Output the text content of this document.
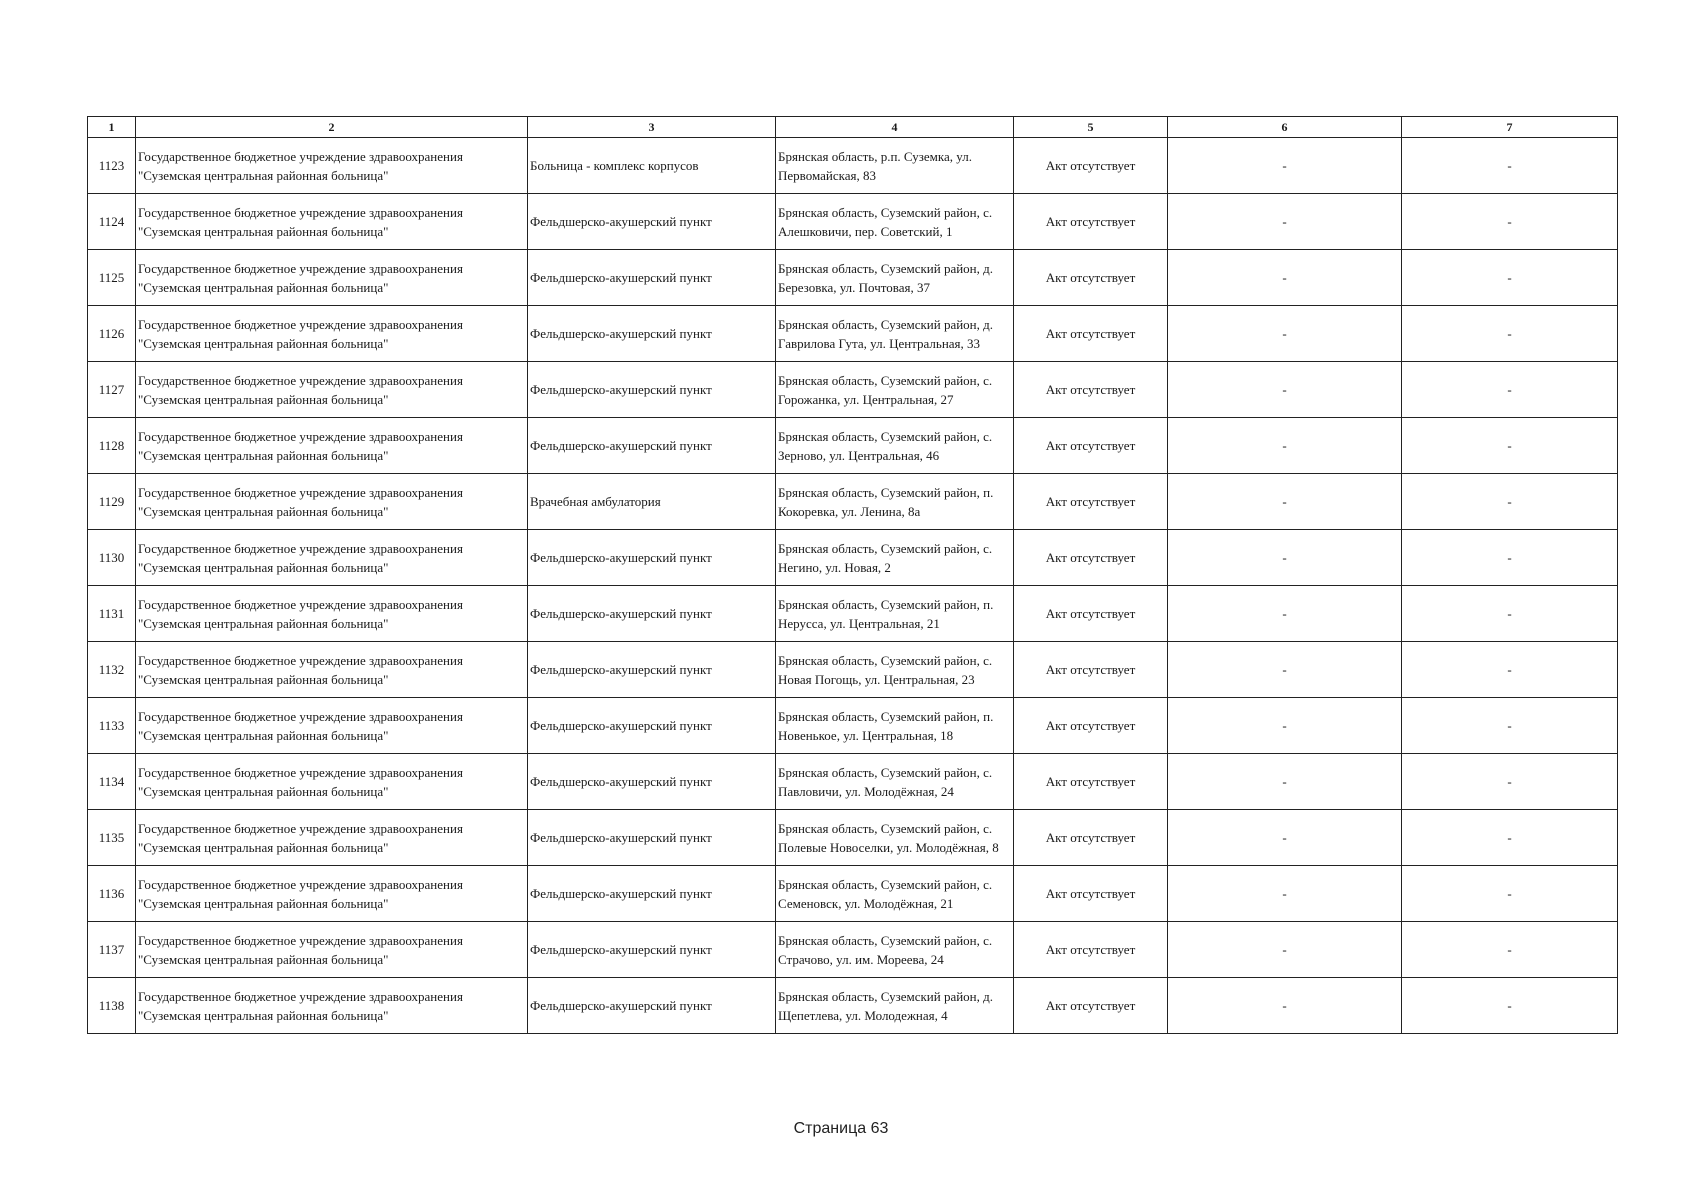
1	2	3	4	5	6	7
1123	Государственное бюджетное учреждение здравоохранения "Суземская центральная районная больница"	Больница - комплекс корпусов	Брянская область, р.п. Суземка, ул. Первомайская, 83	Акт отсутствует	-	-
1124	Государственное бюджетное учреждение здравоохранения "Суземская центральная районная больница"	Фельдшерско-акушерский пункт	Брянская область, Суземский район, с. Алешковичи, пер. Советский, 1	Акт отсутствует	-	-
1125	Государственное бюджетное учреждение здравоохранения "Суземская центральная районная больница"	Фельдшерско-акушерский пункт	Брянская область, Суземский район, д. Березовка, ул. Почтовая, 37	Акт отсутствует	-	-
1126	Государственное бюджетное учреждение здравоохранения "Суземская центральная районная больница"	Фельдшерско-акушерский пункт	Брянская область, Суземский район, д. Гаврилова Гута, ул. Центральная, 33	Акт отсутствует	-	-
1127	Государственное бюджетное учреждение здравоохранения "Суземская центральная районная больница"	Фельдшерско-акушерский пункт	Брянская область, Суземский район, с. Горожанка, ул. Центральная, 27	Акт отсутствует	-	-
1128	Государственное бюджетное учреждение здравоохранения "Суземская центральная районная больница"	Фельдшерско-акушерский пункт	Брянская область, Суземский район, с. Зерново, ул. Центральная, 46	Акт отсутствует	-	-
1129	Государственное бюджетное учреждение здравоохранения "Суземская центральная районная больница"	Врачебная амбулатория	Брянская область, Суземский район, п. Кокоревка, ул. Ленина, 8а	Акт отсутствует	-	-
1130	Государственное бюджетное учреждение здравоохранения "Суземская центральная районная больница"	Фельдшерско-акушерский пункт	Брянская область, Суземский район, с. Негино, ул. Новая, 2	Акт отсутствует	-	-
1131	Государственное бюджетное учреждение здравоохранения "Суземская центральная районная больница"	Фельдшерско-акушерский пункт	Брянская область, Суземский район, п. Нерусса, ул. Центральная, 21	Акт отсутствует	-	-
1132	Государственное бюджетное учреждение здравоохранения "Суземская центральная районная больница"	Фельдшерско-акушерский пункт	Брянская область, Суземский район, с. Новая Погощь, ул. Центральная, 23	Акт отсутствует	-	-
1133	Государственное бюджетное учреждение здравоохранения "Суземская центральная районная больница"	Фельдшерско-акушерский пункт	Брянская область, Суземский район, п. Новенькое, ул. Центральная, 18	Акт отсутствует	-	-
1134	Государственное бюджетное учреждение здравоохранения "Суземская центральная районная больница"	Фельдшерско-акушерский пункт	Брянская область, Суземский район, с. Павловичи, ул. Молодёжная, 24	Акт отсутствует	-	-
1135	Государственное бюджетное учреждение здравоохранения "Суземская центральная районная больница"	Фельдшерско-акушерский пункт	Брянская область, Суземский район, с. Полевые Новоселки, ул. Молодёжная, 8	Акт отсутствует	-	-
1136	Государственное бюджетное учреждение здравоохранения "Суземская центральная районная больница"	Фельдшерско-акушерский пункт	Брянская область, Суземский район, с. Семеновск, ул. Молодёжная, 21	Акт отсутствует	-	-
1137	Государственное бюджетное учреждение здравоохранения "Суземская центральная районная больница"	Фельдшерско-акушерский пункт	Брянская область, Суземский район, с. Страчово, ул. им. Мореева, 24	Акт отсутствует	-	-
1138	Государственное бюджетное учреждение здравоохранения "Суземская центральная районная больница"	Фельдшерско-акушерский пункт	Брянская область, Суземский район, д. Щепетлева, ул. Молодежная, 4	Акт отсутствует	-	-
Страница 63
